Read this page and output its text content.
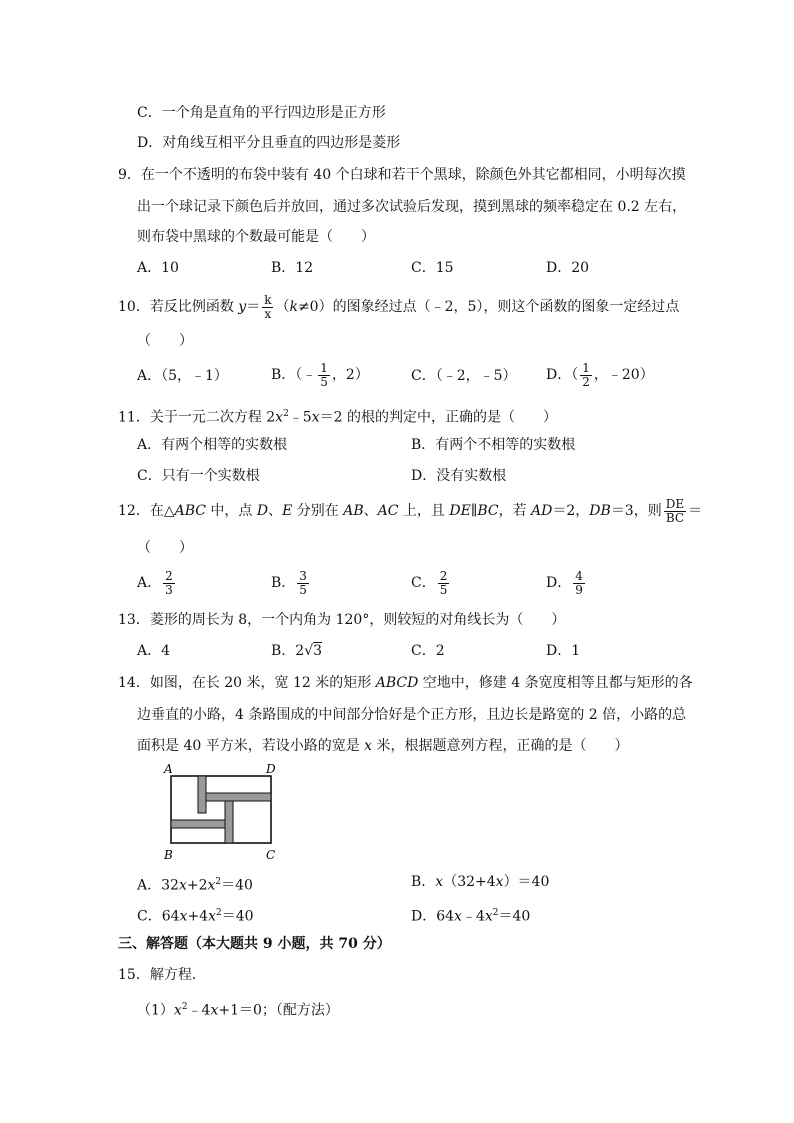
C．一个角是直角的平行四边形是正方形
D．对角线互相平分且垂直的四边形是菱形
9．在一个不透明的布袋中装有 40 个白球和若干个黑球，除颜色外其它都相同，小明每次摸
出一个球记录下颜色后并放回，通过多次试验后发现，摸到黑球的频率稳定在 0.2 左右，
则布袋中黑球的个数最可能是（　　）
A．10	B．12	C．15	D．20
10．若反比例函数 $y= \frac{k}{x} (k\ne 0)$的图象经过点（﹣2，5），则这个函数的图象一定经过点
（　　）
A．（5，﹣1）	B．（﹣ $\frac{1}{5}$ ，2）	C．（﹣2，﹣5） D．（ $\frac{1}{2}$ ，﹣20）
11．关于一元二次方程 $2x^2﹣5x=2$ 的根的判定中，正确的是（　　）
A．有两个相等的实数根	B．有两个不相等的实数根
C．只有一个实数根	D．没有实数根
12．在△ABC 中，点 D、E 分别在 AB、AC 上，且 DE∥BC，若 AD＝2，DB＝3，则 $\frac{DE}{BC}$ ＝
（　　）
A． $\frac{2}{3}$	B． $\frac{3}{5}$	C． $\frac{2}{5}$	D． $\frac{4}{9}$
13．菱形的周长为 8，一个内角为 120°，则较短的对角线长为（　　）
A．4	B．2√3	C．2	D．1
14．如图，在长 20 米，宽 12 米的矩形 ABCD 空地中，修建 4 条宽度相等且都与矩形的各
边垂直的小路，4 条路围成的中间部分恰好是个正方形，且边长是路宽的 2 倍，小路的总
面积是 40 平方米，若设小路的宽是 x 米，根据题意列方程，正确的是（　　）
A	D
B	C
A．$32x+2x^2=40$	B．x（32+4x）＝40
C．$64x+4x^2=40$	D．$64x﹣4x^2=40$
三、解答题（本大题共 9 小题，共 70 分）
15．解方程．
$(1)x^2﹣4x+1=0$；（配方法）
